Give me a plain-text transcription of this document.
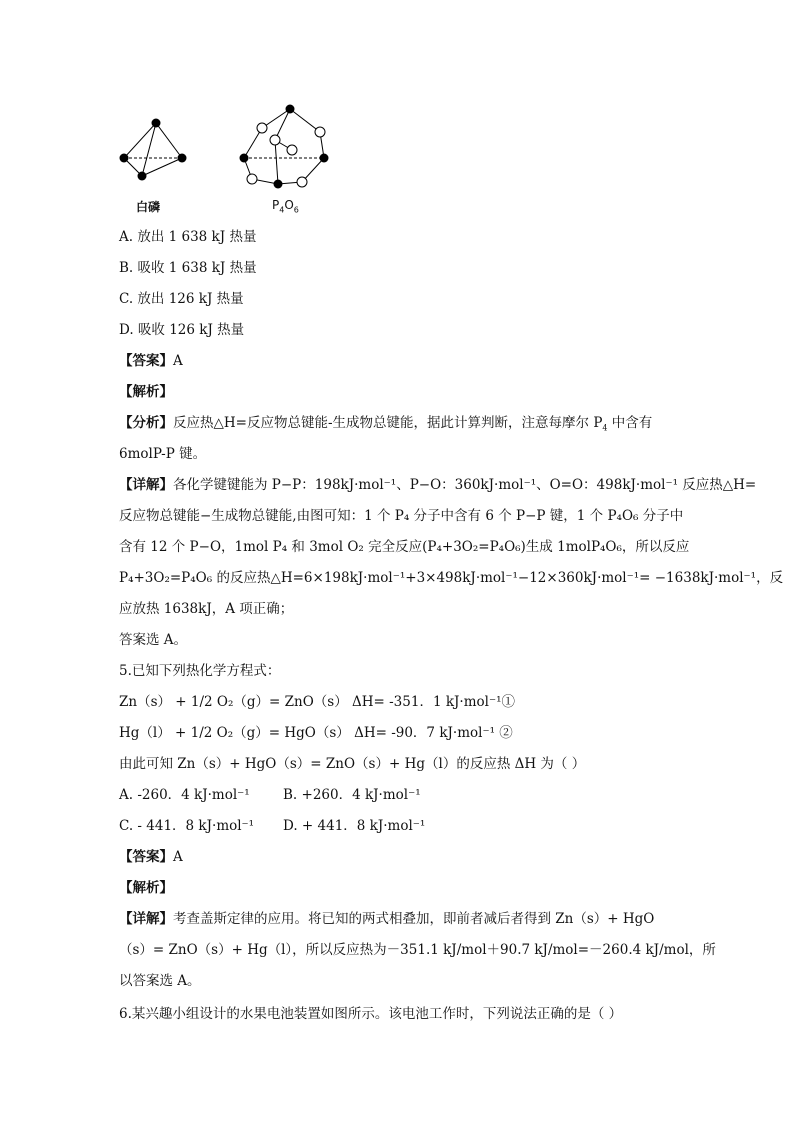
白磷	$P_4O_6$
A. 放出 1 638 kJ 热量
B. 吸收 1 638 kJ 热量
C. 放出 126 kJ 热量
D. 吸收 126 kJ 热量
【答案】A
【解析】
【分析】反应热△H=反应物总键能-生成物总键能，据此计算判断，注意每摩尔 $P_4$ 中含有
6molP-P 键。
【详解】各化学键键能为 P−P：198kJ·mol⁻¹、P−O：360kJ·mol⁻¹、O=O：498kJ·mol⁻¹ 反应热△H=
反应物总键能−生成物总键能,由图可知：1 个 P₄ 分子中含有 6 个 P−P 键，1 个 P₄O₆ 分子中
含有 12 个 P−O，1mol P₄ 和 3mol O₂ 完全反应(P₄+3O₂=P₄O₆)生成 1molP₄O₆，所以反应
P₄+3O₂=P₄O₆ 的反应热△H=6×198kJ·mol⁻¹+3×498kJ·mol⁻¹−12×360kJ·mol⁻¹= −1638kJ·mol⁻¹，反
应放热 1638kJ，A 项正确；
答案选 A。
5.已知下列热化学方程式：
Zn（s） + 1/2 O₂（g）= ZnO（s） ΔH= -351．1 kJ·mol⁻¹①
Hg（l） + 1/2 O₂（g）= HgO（s） ΔH= -90．7 kJ·mol⁻¹ ②
由此可知 Zn（s）+ HgO（s）= ZnO（s）+ Hg（l）的反应热 ΔH 为（ ）
A. -260．4 kJ·mol⁻¹ B. +260．4 kJ·mol⁻¹
C. - 441．8 kJ·mol⁻¹ D. + 441．8 kJ·mol⁻¹
【答案】A
【解析】
【详解】考查盖斯定律的应用。将已知的两式相叠加，即前者减后者得到 Zn（s）+ HgO
（s）= ZnO（s）+ Hg（l），所以反应热为－351.1 kJ/mol＋90.7 kJ/mol=－260.4 kJ/mol，所
以答案选 A。
6.某兴趣小组设计的水果电池装置如图所示。该电池工作时，下列说法正确的是（ ）
